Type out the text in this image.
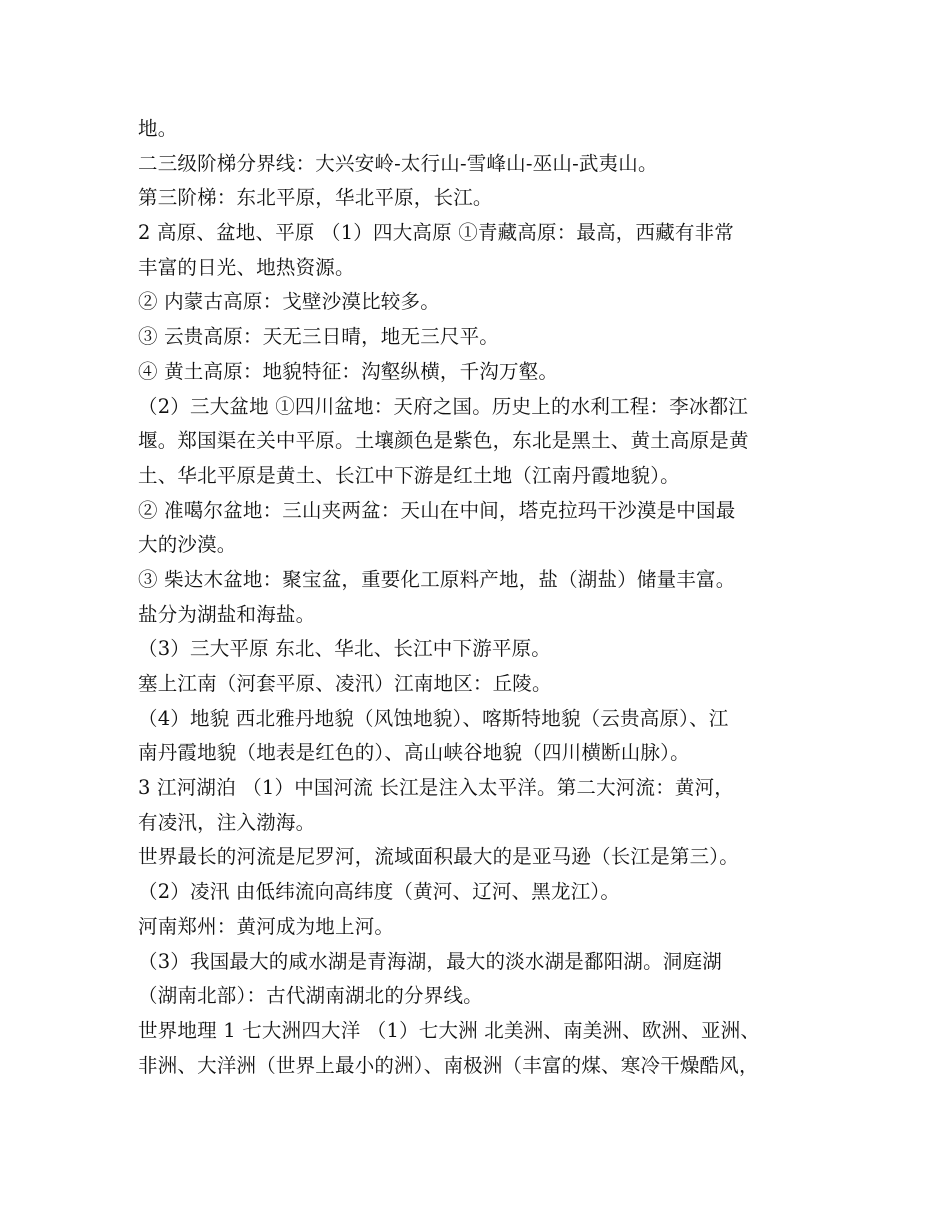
地。
二三级阶梯分界线：大兴安岭-太行山-雪峰山-巫山-武夷山。
第三阶梯：东北平原，华北平原，长江。
2 高原、盆地、平原 （1）四大高原 ①青藏高原：最高，西藏有非常
丰富的日光、地热资源。
② 内蒙古高原：戈壁沙漠比较多。
③ 云贵高原：天无三日晴，地无三尺平。
④ 黄土高原：地貌特征：沟壑纵横，千沟万壑。
（2）三大盆地 ①四川盆地：天府之国。历史上的水利工程：李冰都江
堰。郑国渠在关中平原。土壤颜色是紫色，东北是黑土、黄土高原是黄
土、华北平原是黄土、长江中下游是红土地（江南丹霞地貌）。
② 准噶尔盆地：三山夹两盆：天山在中间，塔克拉玛干沙漠是中国最
大的沙漠。
③ 柴达木盆地：聚宝盆，重要化工原料产地，盐（湖盐）储量丰富。
盐分为湖盐和海盐。
（3）三大平原 东北、华北、长江中下游平原。
塞上江南（河套平原、凌汛）江南地区：丘陵。
（4）地貌 西北雅丹地貌（风蚀地貌）、喀斯特地貌（云贵高原）、江
南丹霞地貌（地表是红色的）、高山峡谷地貌（四川横断山脉）。
3 江河湖泊 （1）中国河流 长江是注入太平洋。第二大河流：黄河，
有凌汛，注入渤海。
世界最长的河流是尼罗河，流域面积最大的是亚马逊（长江是第三）。
（2）凌汛 由低纬流向高纬度（黄河、辽河、黑龙江）。
河南郑州：黄河成为地上河。
（3）我国最大的咸水湖是青海湖，最大的淡水湖是鄱阳湖。洞庭湖
（湖南北部）：古代湖南湖北的分界线。
世界地理 1 七大洲四大洋 （1）七大洲 北美洲、南美洲、欧洲、亚洲、
非洲、大洋洲（世界上最小的洲）、南极洲（丰富的煤、寒冷干燥酷风，
